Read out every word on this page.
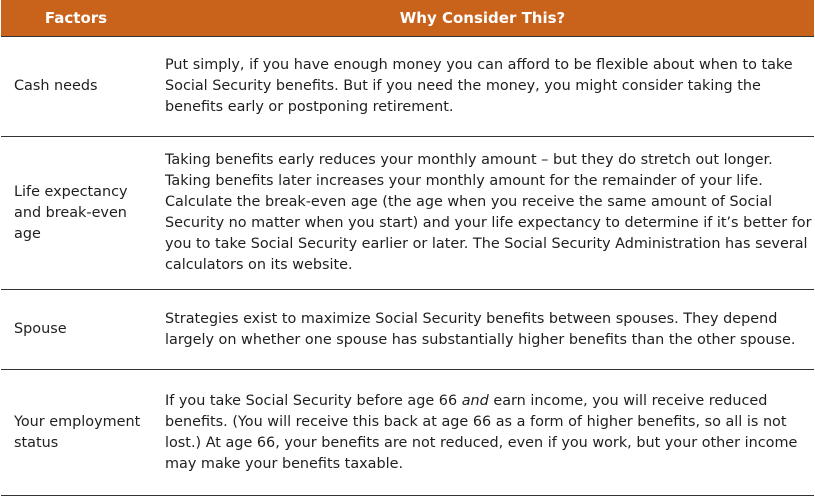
Factors	Why Consider This?
Cash needs	Put simply, if you have enough money you can afford to be flexible about when to take Social Security benefits. But if you need the money, you might consider taking the benefits early or postponing retirement.
Life expectancy and break-even age	Taking benefits early reduces your monthly amount – but they do stretch out longer. Taking benefits later increases your monthly amount for the remainder of your life. Calculate the break-even age (the age when you receive the same amount of Social Security no matter when you start) and your life expectancy to determine if it’s better for you to take Social Security earlier or later. The Social Security Administration has several calculators on its website.
Spouse	Strategies exist to maximize Social Security benefits between spouses. They depend largely on whether one spouse has substantially higher benefits than the other spouse.
Your employment status	If you take Social Security before age 66 and earn income, you will receive reduced benefits. (You will receive this back at age 66 as a form of higher benefits, so all is not lost.) At age 66, your benefits are not reduced, even if you work, but your other income may make your benefits taxable.
